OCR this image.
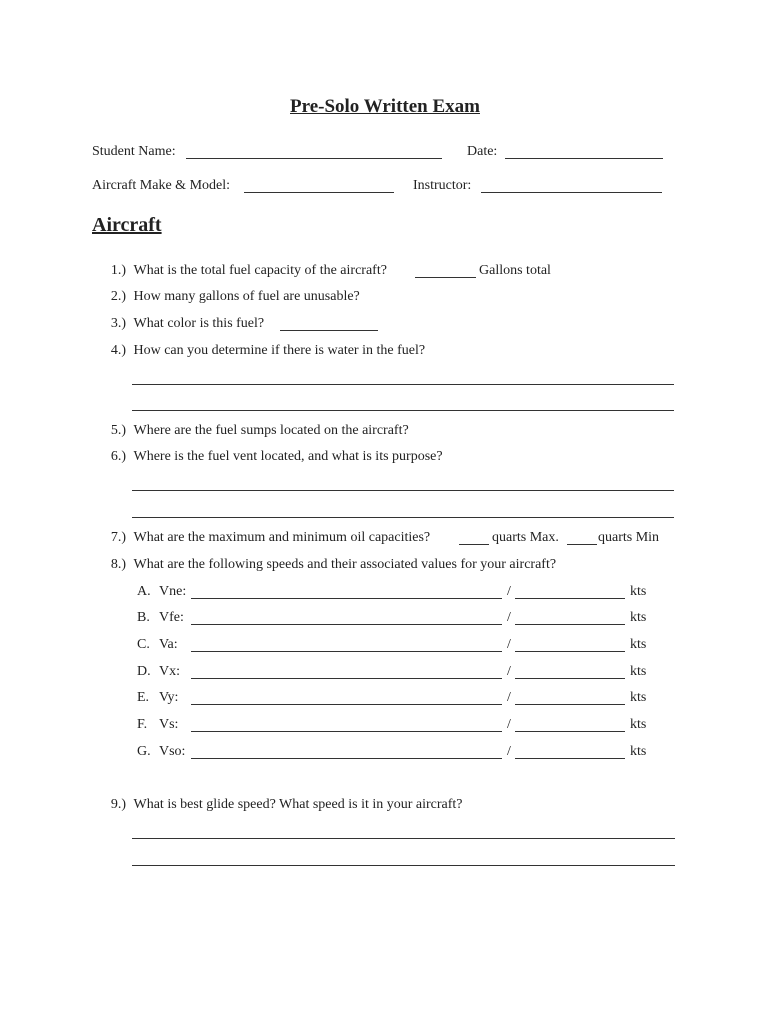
Pre-Solo Written Exam
Student Name:	Date:
Aircraft Make & Model:	Instructor:
Aircraft
1.) What is the total fuel capacity of the aircraft?	Gallons total
2.) How many gallons of fuel are unusable?
3.) What color is this fuel?
4.) How can you determine if there is water in the fuel?
5.) Where are the fuel sumps located on the aircraft?
6.) Where is the fuel vent located, and what is its purpose?
7.) What are the maximum and minimum oil capacities?	quarts Max.	quarts Min
8.) What are the following speeds and their associated values for your aircraft?
A. Vne:	/	kts
B. Vfe:	/	kts
C. Va:	/	kts
D. Vx:	/	kts
E. Vy:	/	kts
F. Vs:	/	kts
G. Vso:	/	kts
9.) What is best glide speed? What speed is it in your aircraft?
